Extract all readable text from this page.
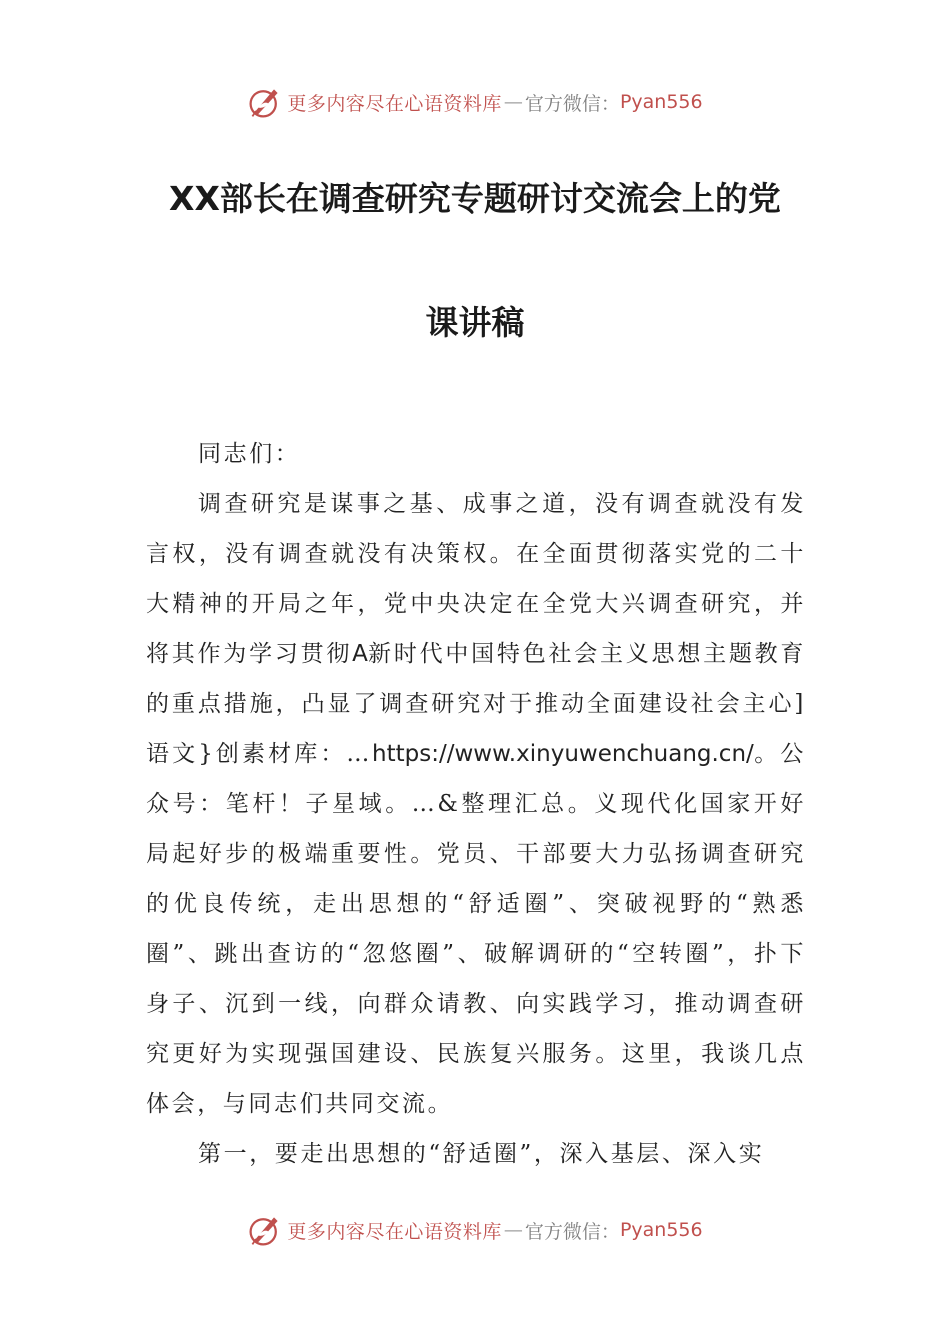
更多内容尽在心语资料库 — 官方微信： Pyan556
XX部长在调查研究专题研讨交流会上的党
课讲稿

同志们：

调查研究是谋事之基、成事之道，没有调查就没有发言权，没有调查就没有决策权。在全面贯彻落实党的二十大精神的开局之年，党中央决定在全党大兴调查研究，并将其作为学习贯彻A新时代中国特色社会主义思想主题教育的重点措施，凸显了调查研究对于推动全面建设社会主心]语文}创素材库：…https://www.xinyuwenchuang.cn/。公众号：笔杆！子星域。…&整理汇总。义现代化国家开好局起好步的极端重要性。党员、干部要大力弘扬调查研究的优良传统，走出思想的“舒适圈”、突破视野的“熟悉圈”、跳出查访的“忽悠圈”、破解调研的“空转圈”，扑下身子、沉到一线，向群众请教、向实践学习，推动调查研究更好为实现强国建设、民族复兴服务。这里，我谈几点体会，与同志们共同交流。

第一，要走出思想的“舒适圈”，深入基层、深入实

更多内容尽在心语资料库 — 官方微信： Pyan556
